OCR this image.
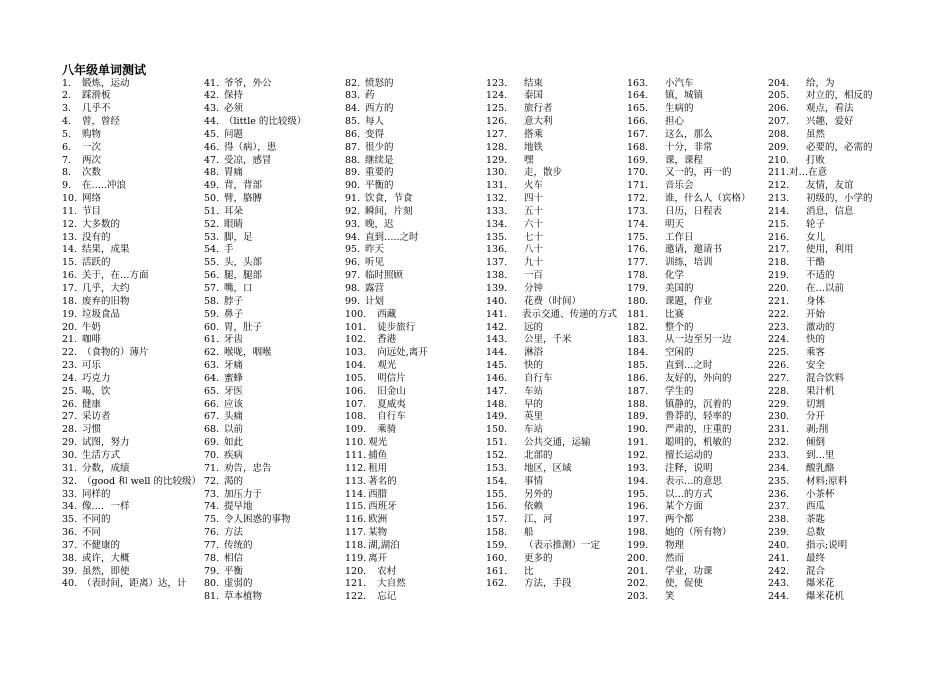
八年级单词测试
1.	锻炼，运动
2.	踩滑板
3.	几乎不
4.	曾，曾经
5.	购物
6.	一次
7.	两次
8.	次数
9.	在…..冲浪
10. 网络
11. 节目
12. 大多数的
13. 没有的
14. 结果，成果
15. 活跃的
16. 关于，在…方面
17. 几乎，大约
18. 废弃的旧物
19. 垃圾食品
20. 牛奶
21. 咖啡
22. （食物的）薄片
23. 可乐
24. 巧克力
25. 喝，饮
26. 健康
27. 采访者
28. 习惯
29. 试图，努力
30. 生活方式
31. 分数，成绩
32. （good 和 well 的比较级）
33. 同样的
34. 像…．一样
35. 不同的
36. 不同
37. 不健康的
38. 或许，大概
39. 虽然，即使
40. （表时间，距离）达，计
41. 爷爷，外公
42. 保持
43. 必须
44. （little 的比较级）
45. 问题
46. 得（病），患
47. 受凉，感冒
48. 胃痛
49. 背，背部
50. 臂，胳膊
51. 耳朵
52. 眼睛
53. 脚，足
54. 手
55. 头，头部
56. 腿，腿部
57. 嘴，口
58. 脖子
59. 鼻子
60. 胃，肚子
61. 牙齿
62. 喉咙，咽喉
63. 牙痛
64. 蜜蜂
65. 牙医
66. 应该
67. 头痛
68. 以前
69. 如此
70. 疾病
71. 劝告，忠告
72. 渴的
73. 加压力于
74. 提早地
75. 令人困惑的事物
76. 方法
77. 传统的
78. 相信
79. 平衡
80. 虚弱的
81. 草本植物
82. 愤怒的
83. 药
84. 西方的
85. 每人
86. 变得
87. 很少的
88. 继续是
89. 重要的
90. 平衡的
91. 饮食，节食
92. 瞬间，片刻
93. 晚，迟
94. 直到…..之时
95. 昨天
96. 听见
97. 临时照顾
98. 露营
99. 计划
100. 西藏
101. 徒步旅行
102. 香港
103. 向远处,离开
104. 观光
105. 明信片
106. 旧金山
107. 夏威夷
108. 自行车
109. 乘骑
110. 观光
111. 捕鱼
112. 租用
113. 著名的
114. 西腊
115. 西班牙
116. 欧洲
117. 某物
118. 湖,湖泊
119. 离开
120. 农村
121. 大自然
122. 忘记
123.	结束
124.	泰国
125.	旅行者
126.	意大利
127.	搭乘
128.	地铁
129.	嘿
130.	走，散步
131.	火车
132.	四十
133.	五十
134.	六十
135.	七十
136.	八十
137.	九十
138.	一百
139.	分钟
140.	花费（时间）
141. 表示交通、传递的方式
142.	远的
143.	公里，千米
144.	淋浴
145.	快的
146.	自行车
147.	车站
148.	早的
149.	英里
150.	车站
151.	公共交通，运输
152.	北部的
153.	地区，区域
154.	事情
155.	另外的
156.	依赖
157.	江，河
158.	船
159.	（表示推测）一定
160.	更多的
161.	比
162.	方法，手段
163.	小汽车
164.	镇，城镇
165.	生病的
166.	担心
167.	这么，那么
168.	十分，非常
169.	课，课程
170.	又一的，再一的
171.	音乐会
172.	谁，什么人（宾格）
173.	日历，日程表
174.	明天
175.	工作日
176.	邀请，邀请书
177.	训练，培训
178.	化学
179.	美国的
180.	课题，作业
181.	比赛
182.	整个的
183.	从一边至另一边
184.	空闲的
185.	直到…之时
186.	友好的，外向的
187.	学生的
188.	镇静的，沉着的
189.	鲁莽的，轻率的
190.	严肃的，庄重的
191.	聪明的，机敏的
192.	擅长运动的
193.	注释，说明
194.	表示…的意思
195.	以…的方式
196.	某个方面
197.	两个都
198.	她的（所有物）
199.	物理
200.	然而
201.	学业，功课
202.	使，促使
203.	笑
204.	给，为
205.	对立的，相反的
206.	观点，看法
207.	兴趣，爱好
208.	虽然
209.	必要的，必需的
210.	打败
211. 对…在意
212.	友情，友谊
213.	初级的，小学的
214.	消息，信息
215.	轮子
216.	女儿
217.	使用，利用
218.	干酪
219.	不适的
220.	在…以前
221.	身体
222.	开始
223.	激动的
224.	快的
225.	乘客
226.	安全
227.	混合饮料
228.	果汁机
229.	切割
230.	分开
231.	剥;削
232.	倾倒
233.	到…里
234.	酸乳酪
235.	材料;原料
236.	小茶杯
237.	西瓜
238.	茶匙
239.	总数
240.	指示;说明
241.	最终
242.	混合
243.	爆米花
244.	爆米花机
